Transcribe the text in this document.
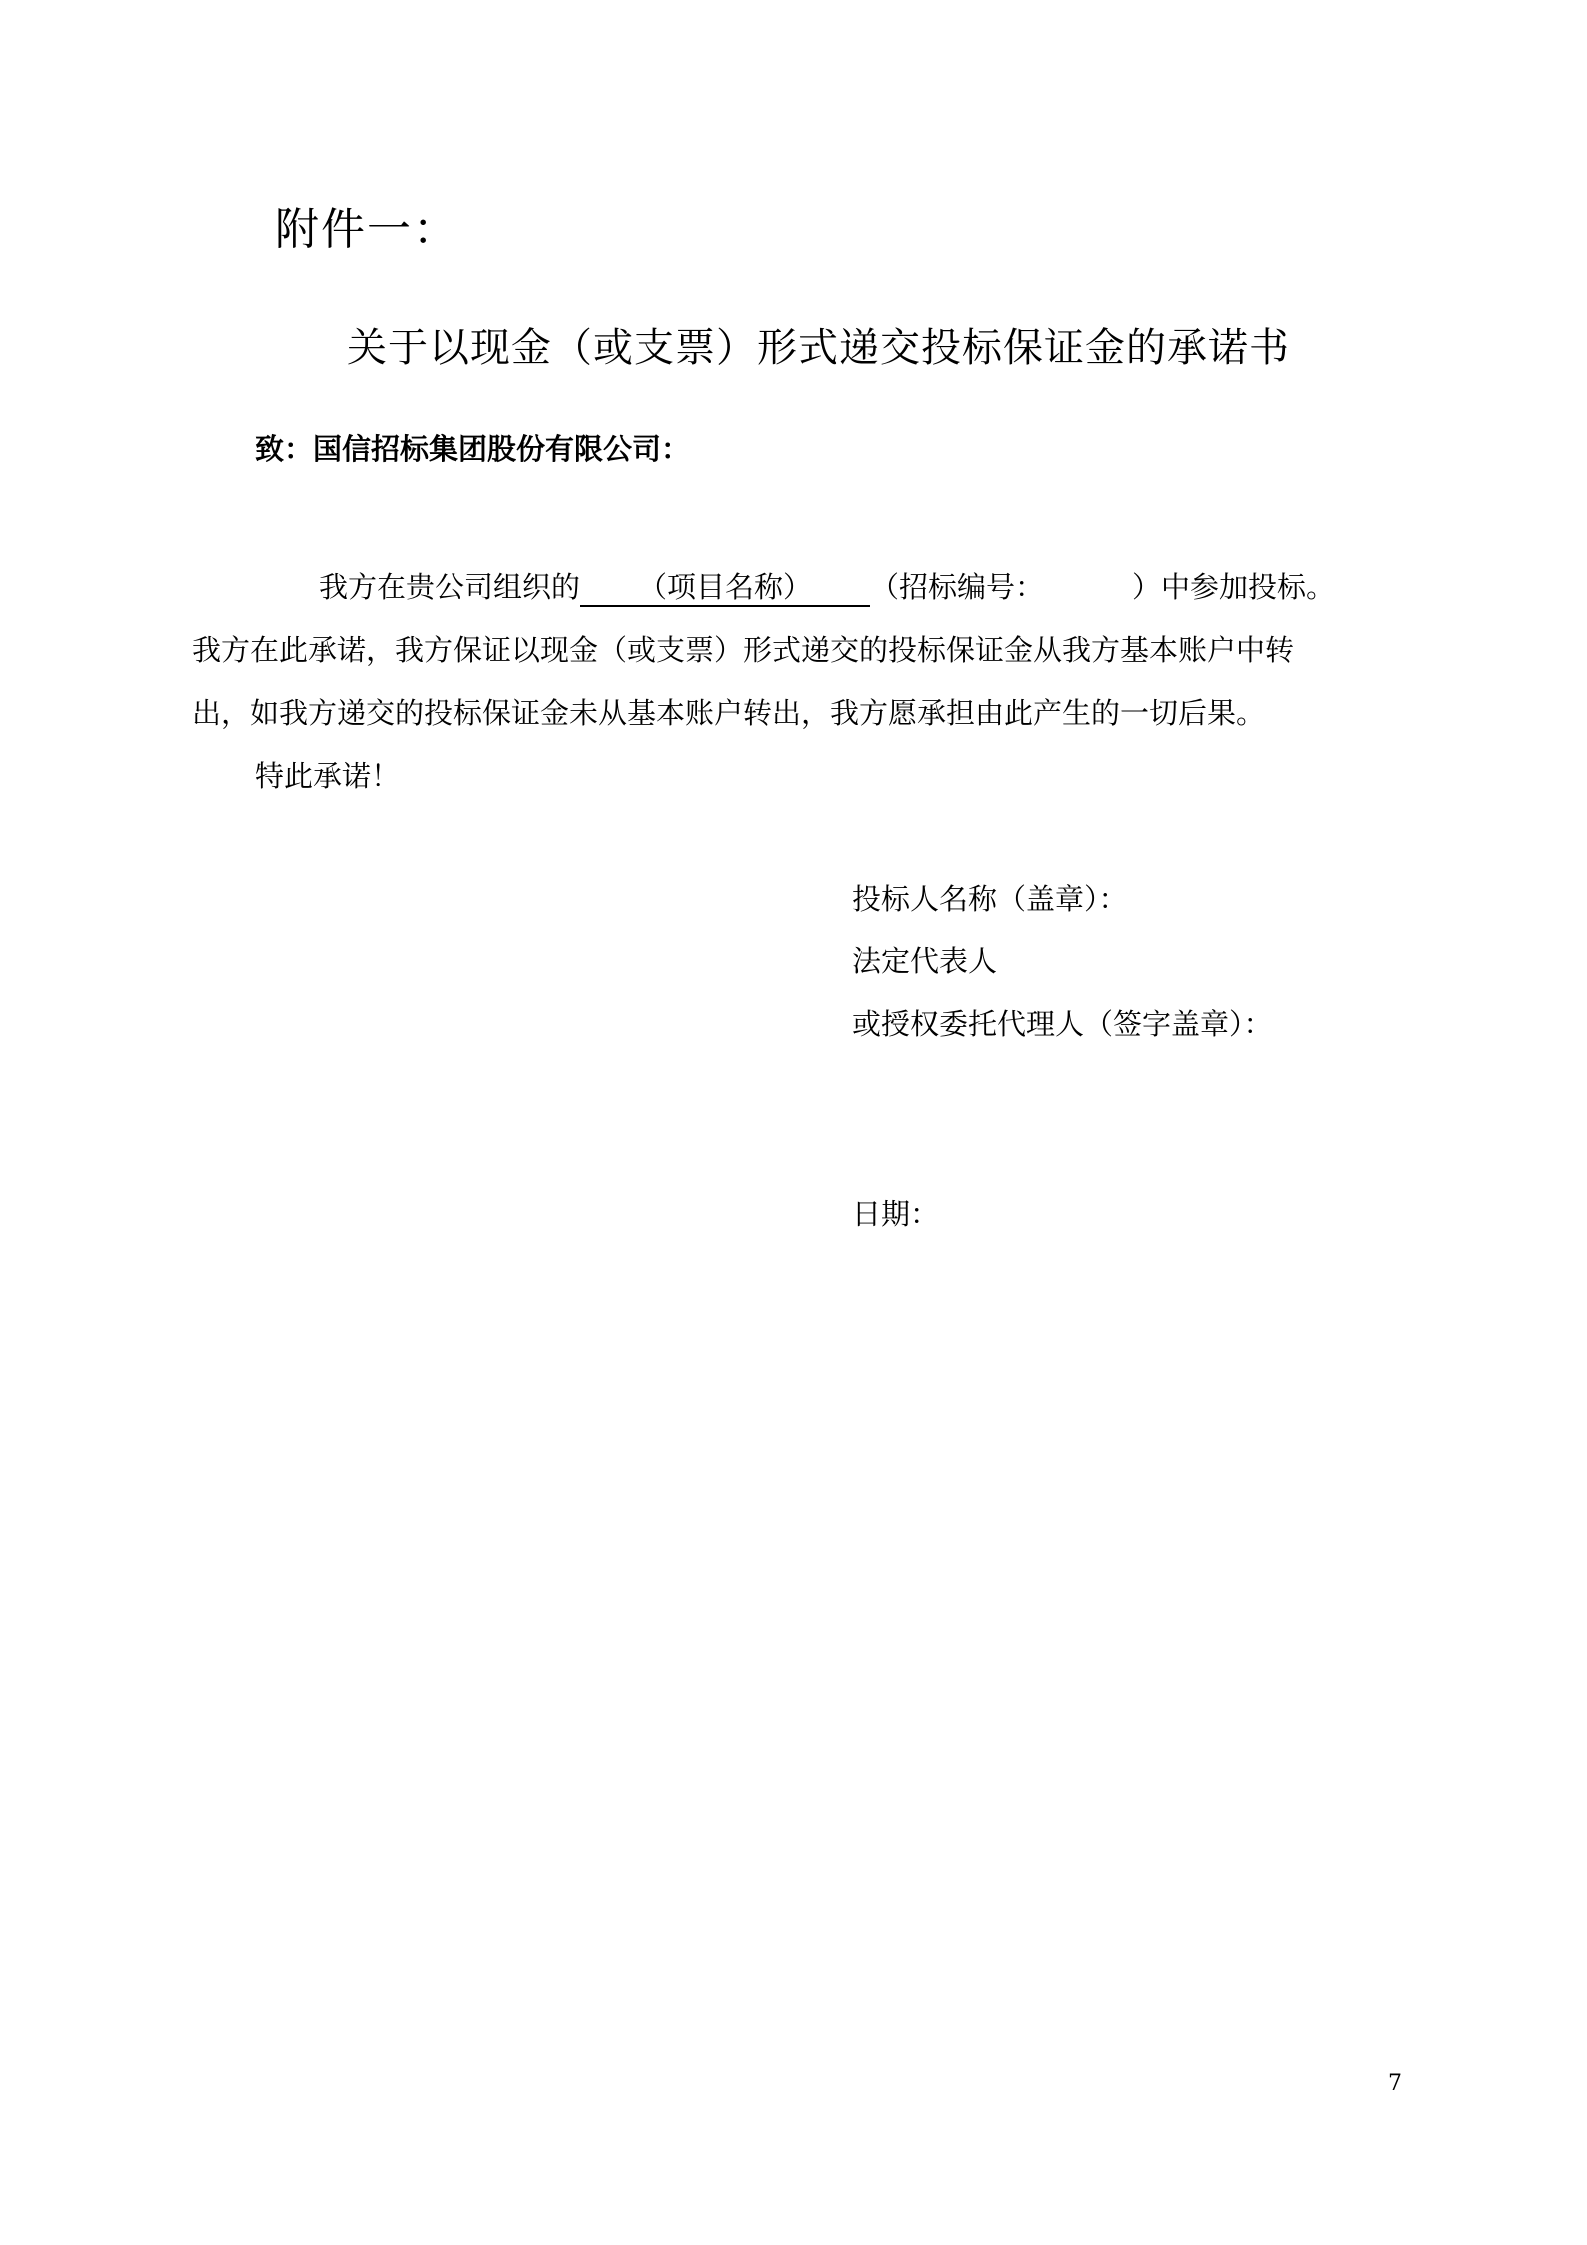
附件一：
关于以现金（或支票）形式递交投标保证金的承诺书
致：国信招标集团股份有限公司：
我方在贵公司组织的 （项目名称） （招标编号：	）中参加投标。
我方在此承诺，我方保证以现金（或支票）形式递交的投标保证金从我方基本账户中转
出，如我方递交的投标保证金未从基本账户转出，我方愿承担由此产生的一切后果。
特此承诺！
投标人名称（盖章）：
法定代表人
或授权委托代理人（签字盖章）：
日期：
7
